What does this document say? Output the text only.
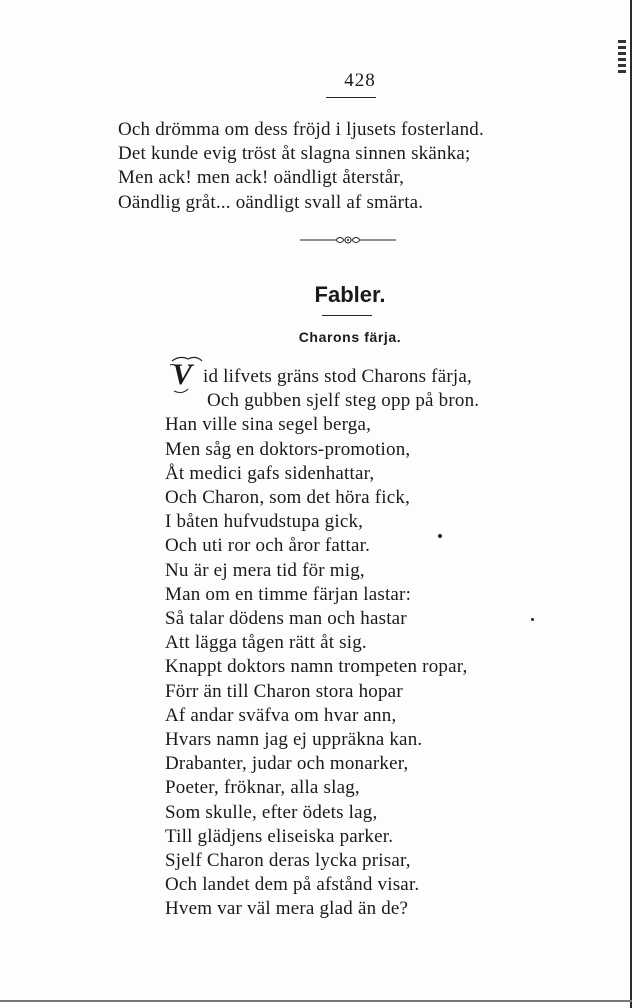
428
Och drömma om dess fröjd i ljusets fosterland.
Det kunde evig tröst åt slagna sinnen skänka;
Men ack! men ack! oändligt återstår,
Oändlig gråt... oändligt svall af smärta.
Fabler.
Charons färja.
V id lifvets gräns stod Charons färja,
Och gubben sjelf steg opp på bron.
Han ville sina segel berga,
Men såg en doktors-promotion,
Åt medici gafs sidenhattar,
Och Charon, som det höra fick,
I båten hufvudstupa gick,
Och uti ror och åror fattar.
Nu är ej mera tid för mig,
Man om en timme färjan lastar:
Så talar dödens man och hastar
Att lägga tågen rätt åt sig.
Knappt doktors namn trompeten ropar,
Förr än till Charon stora hopar
Af andar sväfva om hvar ann,
Hvars namn jag ej uppräkna kan.
Drabanter, judar och monarker,
Poeter, fröknar, alla slag,
Som skulle, efter ödets lag,
Till glädjens eliseiska parker.
Sjelf Charon deras lycka prisar,
Och landet dem på afstånd visar.
Hvem var väl mera glad än de?
